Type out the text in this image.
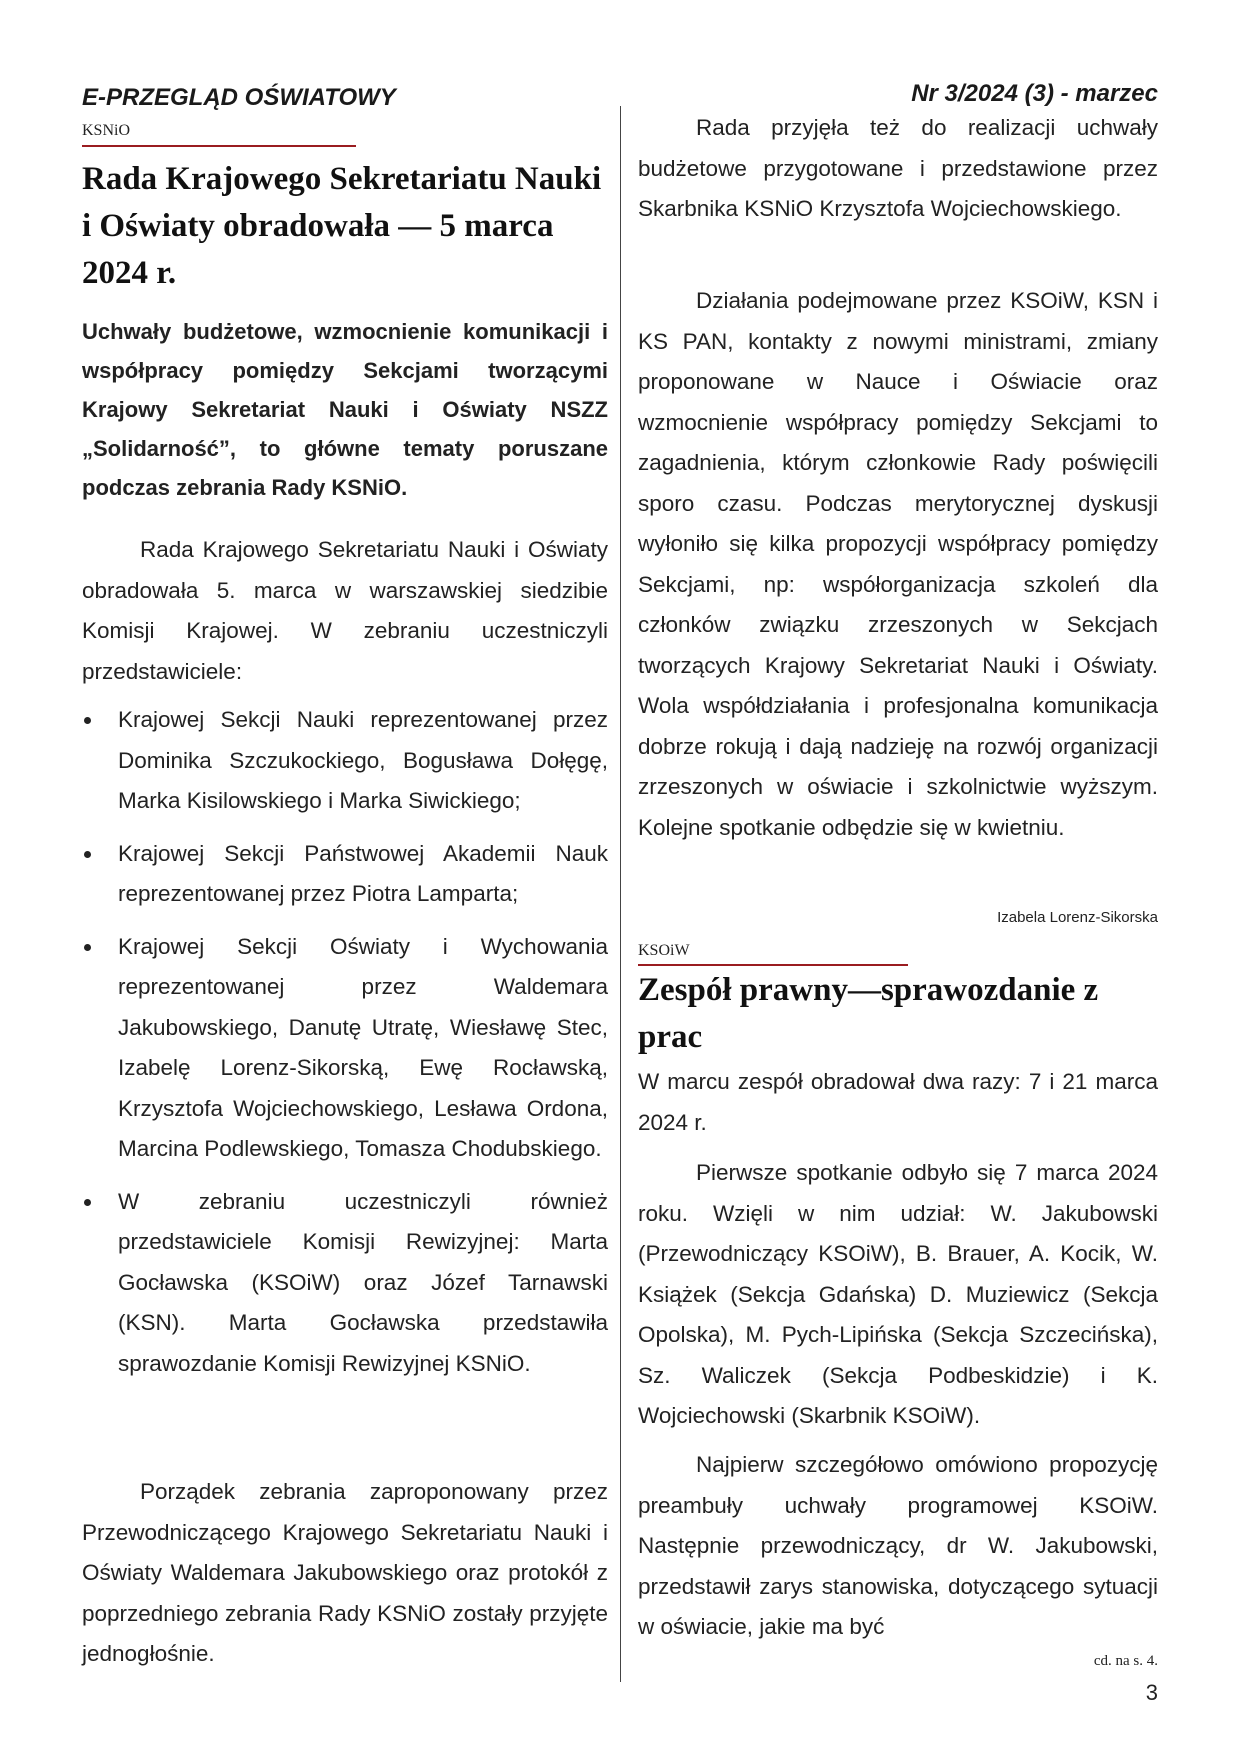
E-PRZEGLĄD OŚWIATOWY	Nr 3/2024 (3) - marzec
KSNiO
Rada Krajowego Sekretariatu Nauki i Oświaty obradowała — 5 marca 2024 r.
Uchwały budżetowe, wzmocnienie komunikacji i współpracy pomiędzy Sekcjami tworzącymi Krajowy Sekretariat Nauki i Oświaty NSZZ „Solidarność”, to główne tematy poruszane podczas zebrania Rady KSNiO.

Rada Krajowego Sekretariatu Nauki i Oświaty obradowała 5. marca w warszawskiej siedzibie Komisji Krajowej. W zebraniu uczestniczyli przedstawiciele:

Krajowej Sekcji Nauki reprezentowanej przez Dominika Szczukockiego, Bogusława Dołęgę, Marka Kisilowskiego i Marka Siwickiego;
Krajowej Sekcji Państwowej Akademii Nauk reprezentowanej przez Piotra Lamparta;
Krajowej Sekcji Oświaty i Wychowania reprezentowanej przez Waldemara Jakubowskiego, Danutę Utratę, Wiesławę Stec, Izabelę Lorenz-Sikorską, Ewę Rocławską, Krzysztofa Wojciechowskiego, Lesława Ordona, Marcina Podlewskiego, Tomasza Chodubskiego.
W zebraniu uczestniczyli również przedstawiciele Komisji Rewizyjnej: Marta Gocławska (KSOiW) oraz Józef Tarnawski (KSN). Marta Gocławska przedstawiła sprawozdanie Komisji Rewizyjnej KSNiO.

Porządek zebrania zaproponowany przez Przewodniczącego Krajowego Sekretariatu Nauki i Oświaty Waldemara Jakubowskiego oraz protokół z poprzedniego zebrania Rady KSNiO zostały przyjęte jednogłośnie.

Rada przyjęła też do realizacji uchwały budżetowe przygotowane i przedstawione przez Skarbnika KSNiO Krzysztofa Wojciechowskiego.

Działania podejmowane przez KSOiW, KSN i KS PAN, kontakty z nowymi ministrami, zmiany proponowane w Nauce i Oświacie oraz wzmocnienie współpracy pomiędzy Sekcjami to zagadnienia, którym członkowie Rady poświęcili sporo czasu. Podczas merytorycznej dyskusji wyłoniło się kilka propozycji współpracy pomiędzy Sekcjami, np: współorganizacja szkoleń dla członków związku zrzeszonych w Sekcjach tworzących Krajowy Sekretariat Nauki i Oświaty. Wola współdziałania i profesjonalna komunikacja dobrze rokują i dają nadzieję na rozwój organizacji zrzeszonych w oświacie i szkolnictwie wyższym. Kolejne spotkanie odbędzie się w kwietniu.

Izabela Lorenz-Sikorska
KSOiW
Zespół prawny—sprawozdanie z prac

W marcu zespół obradował dwa razy: 7 i 21 marca 2024 r.

Pierwsze spotkanie odbyło się 7 marca 2024 roku. Wzięli w nim udział: W. Jakubowski (Przewodniczący KSOiW), B. Brauer, A. Kocik, W. Książek (Sekcja Gdańska) D. Muziewicz (Sekcja Opolska), M. Pych-Lipińska (Sekcja Szczecińska), Sz. Waliczek (Sekcja Podbeskidzie) i K. Wojciechowski (Skarbnik KSOiW).

Najpierw szczegółowo omówiono propozycję preambuły uchwały programowej KSOiW. Następnie przewodniczący, dr W. Jakubowski, przedstawił zarys stanowiska, dotyczącego sytuacji w oświacie, jakie ma być

cd. na s. 4.
3
